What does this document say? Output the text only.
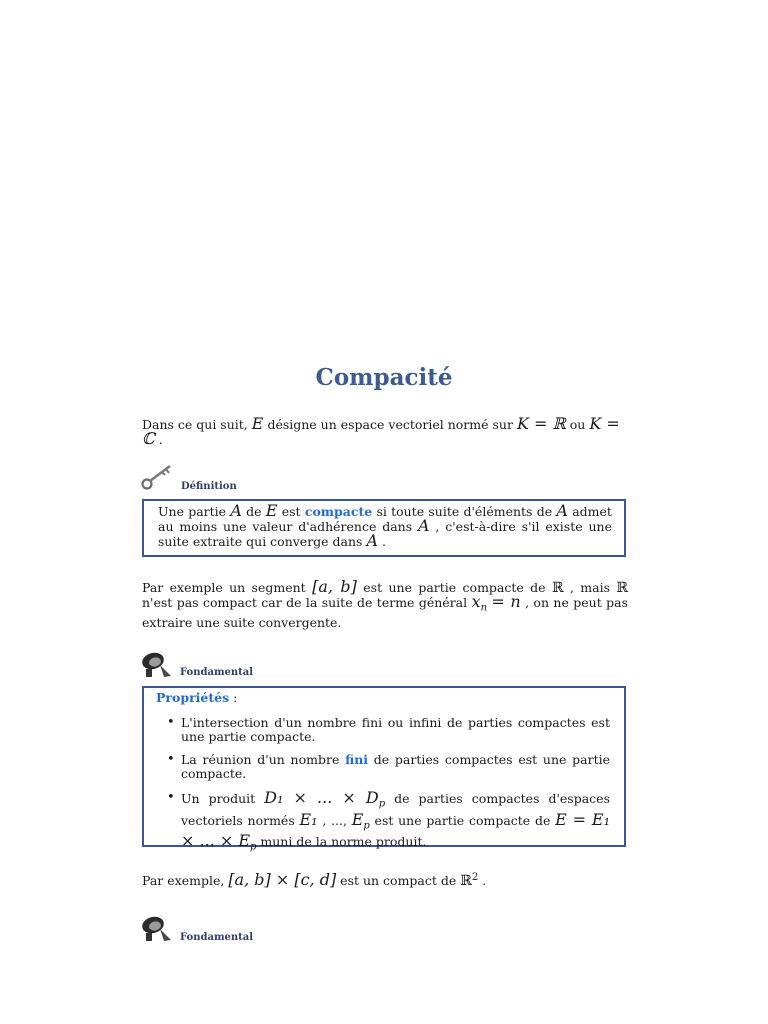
Compacité
Dans ce qui suit, E désigne un espace vectoriel normé sur K = ℝ ou K = ℂ .
Définition
Une partie A de E est compacte si toute suite d'éléments de A admet au moins une valeur d'adhérence dans A , c'est-à-dire s'il existe une suite extraite qui converge dans A .
Par exemple un segment [a, b] est une partie compacte de ℝ , mais ℝ n'est pas compact car de la suite de terme général $x_n = n$ , on ne peut pas extraire une suite convergente.
Fondamental
Propriétés :
• L'intersection d'un nombre fini ou infini de parties compactes est une partie compacte.
• La réunion d'un nombre fini de parties compactes est une partie compacte.
• Un produit D₁ × ... × $D_p$ de parties compactes d'espaces vectoriels normés E₁ , ..., $E_p$ est une partie compacte de E = E₁ × ... × $E_p$ muni de la norme produit.
Par exemple, [a, b] × [c, d] est un compact de ℝ$^2$ .
Fondamental
